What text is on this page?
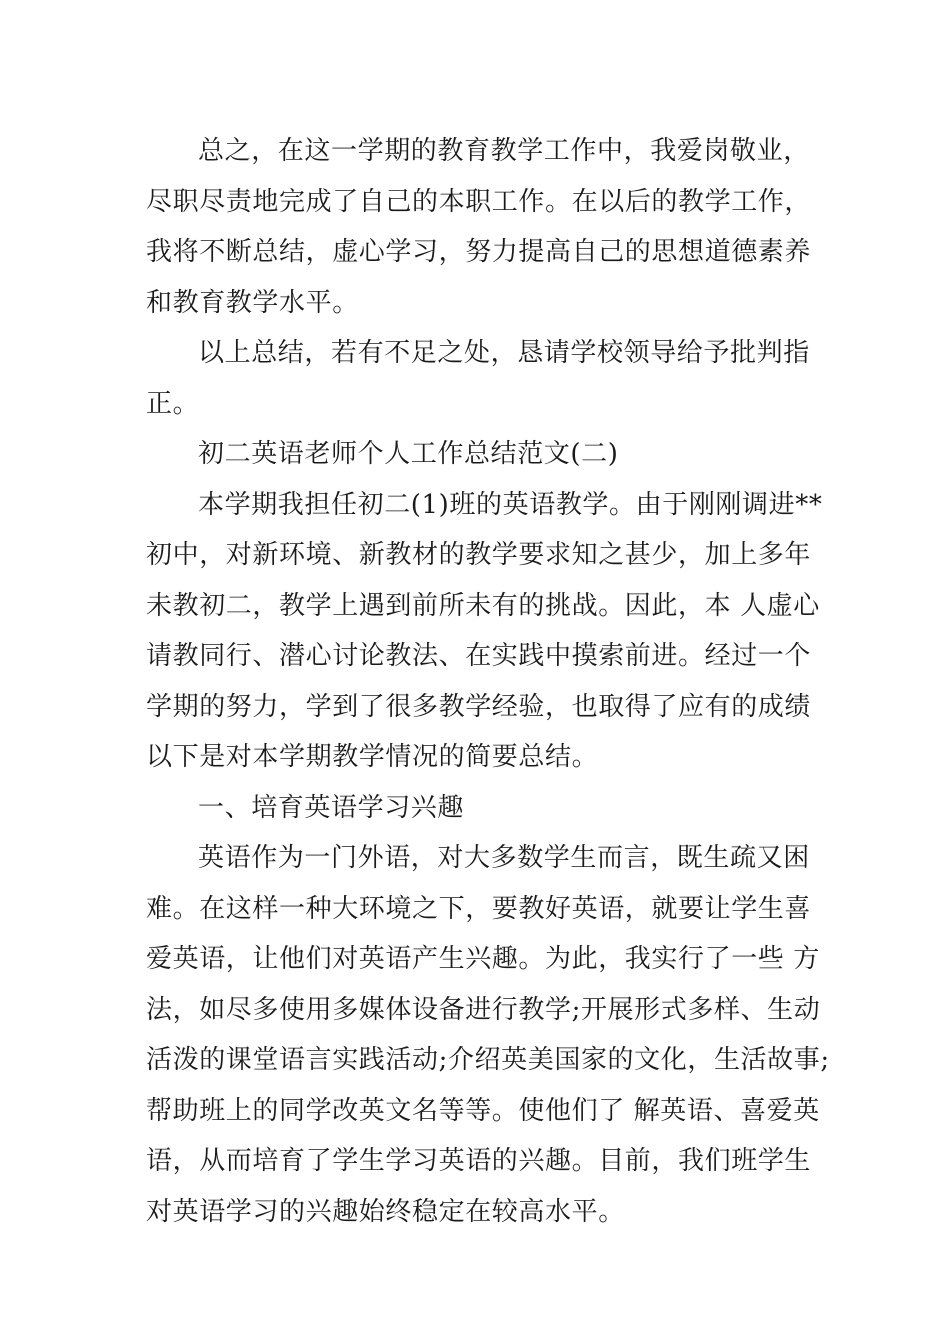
总之，在这一学期的教育教学工作中，我爱岗敬业，
尽职尽责地完成了自己的本职工作。在以后的教学工作，
我将不断总结，虚心学习，努力提高自己的思想道德素养
和教育教学水平。
以上总结，若有不足之处，恳请学校领导给予批判指
正。
初二英语老师个人工作总结范文(二)
本学期我担任初二(1)班的英语教学。由于刚刚调进**
初中，对新环境、新教材的教学要求知之甚少，加上多年
未教初二，教学上遇到前所未有的挑战。因此，本 人虚心
请教同行、潜心讨论教法、在实践中摸索前进。经过一个
学期的努力，学到了很多教学经验，也取得了应有的成绩
以下是对本学期教学情况的简要总结。
一、培育英语学习兴趣
英语作为一门外语，对大多数学生而言，既生疏又困
难。在这样一种大环境之下，要教好英语，就要让学生喜
爱英语，让他们对英语产生兴趣。为此，我实行了一些 方
法，如尽多使用多媒体设备进行教学;开展形式多样、生动
活泼的课堂语言实践活动;介绍英美国家的文化，生活故事;
帮助班上的同学改英文名等等。使他们了 解英语、喜爱英
语，从而培育了学生学习英语的兴趣。目前，我们班学生
对英语学习的兴趣始终稳定在较高水平。
